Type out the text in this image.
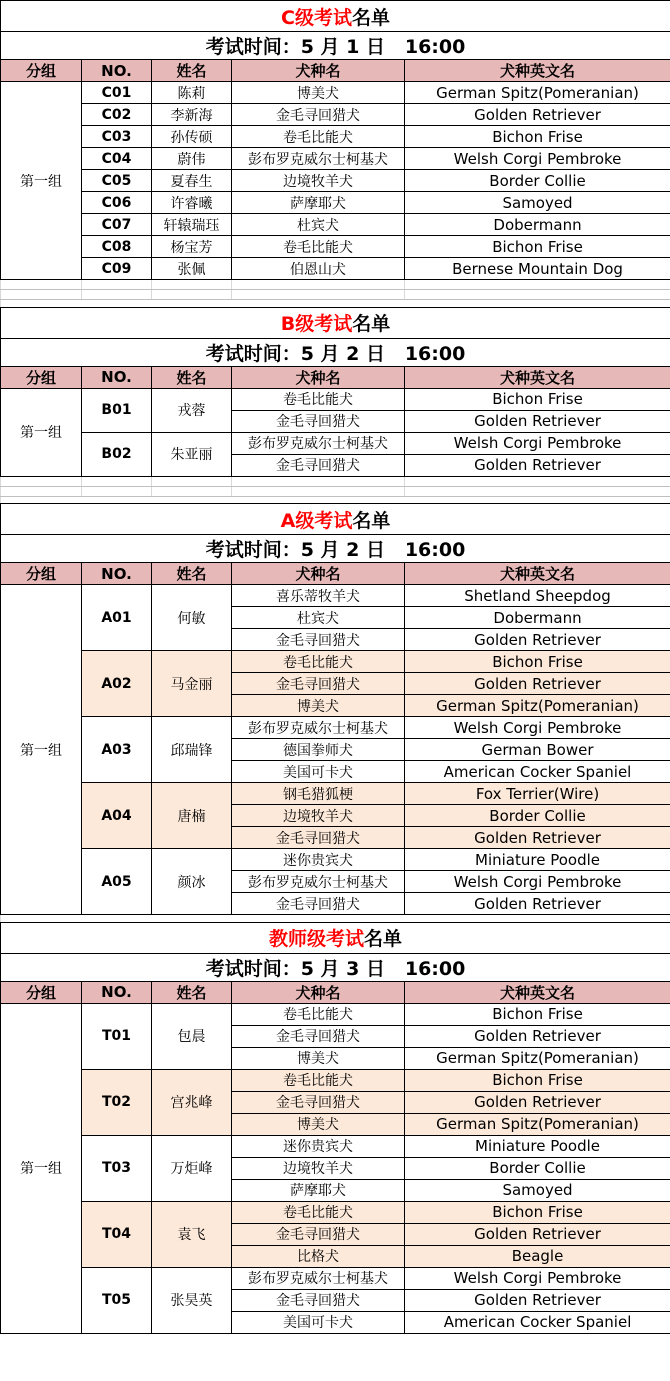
C级考试名单				
考试时间：5 月 1 日   16:00				
分组	NO.	姓名	犬种名	犬种英文名
第一组	C01	陈莉	博美犬	German Spitz(Pomeranian)
	C02	李新海	金毛寻回猎犬	Golden Retriever
	C03	孙传硕	卷毛比能犬	Bichon Frise
	C04	蔚伟	彭布罗克威尔士柯基犬	Welsh Corgi Pembroke
	C05	夏春生	边境牧羊犬	Border Collie
	C06	许睿曦	萨摩耶犬	Samoyed
	C07	轩辕瑞珏	杜宾犬	Dobermann
	C08	杨宝芳	卷毛比能犬	Bichon Frise
	C09	张佩	伯恩山犬	Bernese Mountain Dog

B级考试名单				
考试时间：5 月 2 日   16:00				
分组	NO.	姓名	犬种名	犬种英文名
第一组	B01	戎蓉	卷毛比能犬	Bichon Frise
			金毛寻回猎犬	Golden Retriever
	B02	朱亚丽	彭布罗克威尔士柯基犬	Welsh Corgi Pembroke
			金毛寻回猎犬	Golden Retriever

A级考试名单				
考试时间：5 月 2 日   16:00				
分组	NO.	姓名	犬种名	犬种英文名
第一组	A01	何敏	喜乐蒂牧羊犬	Shetland Sheepdog
			杜宾犬	Dobermann
			金毛寻回猎犬	Golden Retriever
	A02	马金丽	卷毛比能犬	Bichon Frise
			金毛寻回猎犬	Golden Retriever
			博美犬	German Spitz(Pomeranian)
	A03	邱瑞锋	彭布罗克威尔士柯基犬	Welsh Corgi Pembroke
			德国拳师犬	German Bower
			美国可卡犬	American Cocker Spaniel
	A04	唐楠	钢毛猎狐梗	Fox Terrier(Wire)
			边境牧羊犬	Border Collie
			金毛寻回猎犬	Golden Retriever
	A05	颜冰	迷你贵宾犬	Miniature Poodle
			彭布罗克威尔士柯基犬	Welsh Corgi Pembroke
			金毛寻回猎犬	Golden Retriever

教师级考试名单				
考试时间：5 月 3 日   16:00				
分组	NO.	姓名	犬种名	犬种英文名
第一组	T01	包晨	卷毛比能犬	Bichon Frise
			金毛寻回猎犬	Golden Retriever
			博美犬	German Spitz(Pomeranian)
	T02	宫兆峰	卷毛比能犬	Bichon Frise
			金毛寻回猎犬	Golden Retriever
			博美犬	German Spitz(Pomeranian)
	T03	万炬峰	迷你贵宾犬	Miniature Poodle
			边境牧羊犬	Border Collie
			萨摩耶犬	Samoyed
	T04	袁飞	卷毛比能犬	Bichon Frise
			金毛寻回猎犬	Golden Retriever
			比格犬	Beagle
	T05	张昊英	彭布罗克威尔士柯基犬	Welsh Corgi Pembroke
			金毛寻回猎犬	Golden Retriever
			美国可卡犬	American Cocker Spaniel
